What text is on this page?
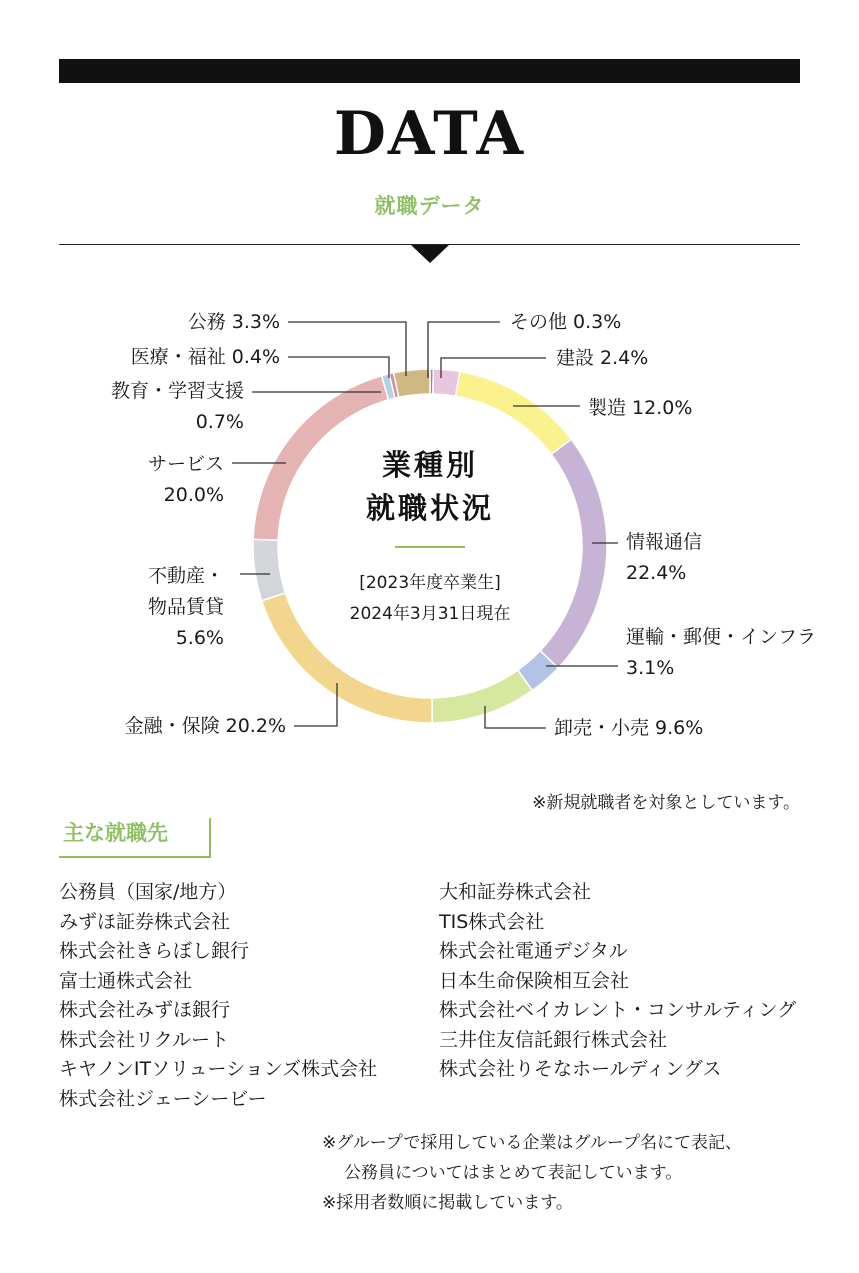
DATA
就職データ
その他 0.3%
建設 2.4%
製造 12.0%
情報通信
22.4%
運輸・郵便・インフラ
3.1%
卸売・小売 9.6%
金融・保険 20.2%
不動産・
物品賃貸
5.6%
サービス
20.0%
教育・学習支援
0.7%
医療・福祉 0.4%
公務 3.3%
業種別
就職状況
[2023年度卒業生]
2024年3月31日現在
※新規就職者を対象としています。
主な就職先
公務員（国家/地方）
みずほ証券株式会社
株式会社きらぼし銀行
富士通株式会社
株式会社みずほ銀行
株式会社リクルート
キヤノンITソリューションズ株式会社
株式会社ジェーシービー
大和証券株式会社
TIS株式会社
株式会社電通デジタル
日本生命保険相互会社
株式会社ベイカレント・コンサルティング
三井住友信託銀行株式会社
株式会社りそなホールディングス
※グループで採用している企業はグループ名にて表記、
公務員についてはまとめて表記しています。
※採用者数順に掲載しています。
